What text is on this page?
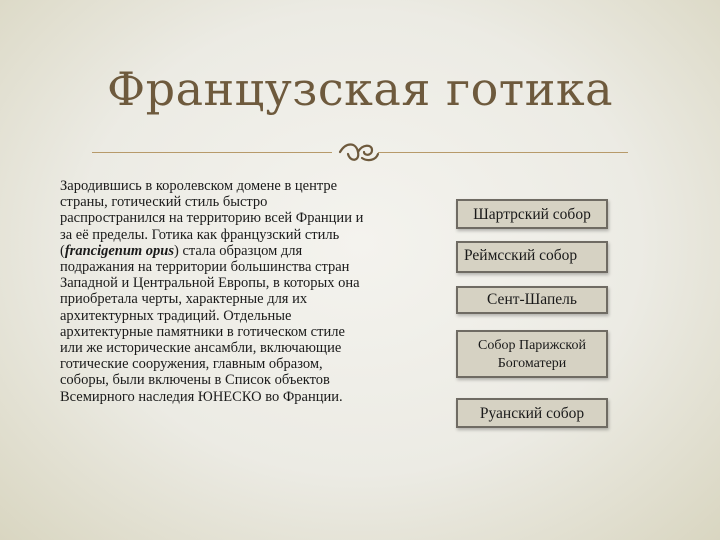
Французская готика
Зародившись в королевском домене в центре страны, готический стиль быстро распространился на территорию всей Франции и за её пределы. Готика как французский стиль (francigenum opus) стала образцом для подражания на территории большинства стран Западной и Центральной Европы, в которых она приобретала черты, характерные для их архитектурных традиций. Отдельные архитектурные памятники в готическом стиле или же исторические ансамбли, включающие готические сооружения, главным образом, соборы, были включены в Список объектов Всемирного наследия ЮНЕСКО во Франции.
Шартрский собор
Реймсский собор
Сент-Шапель
Собор Парижской Богоматери
Руанский собор
